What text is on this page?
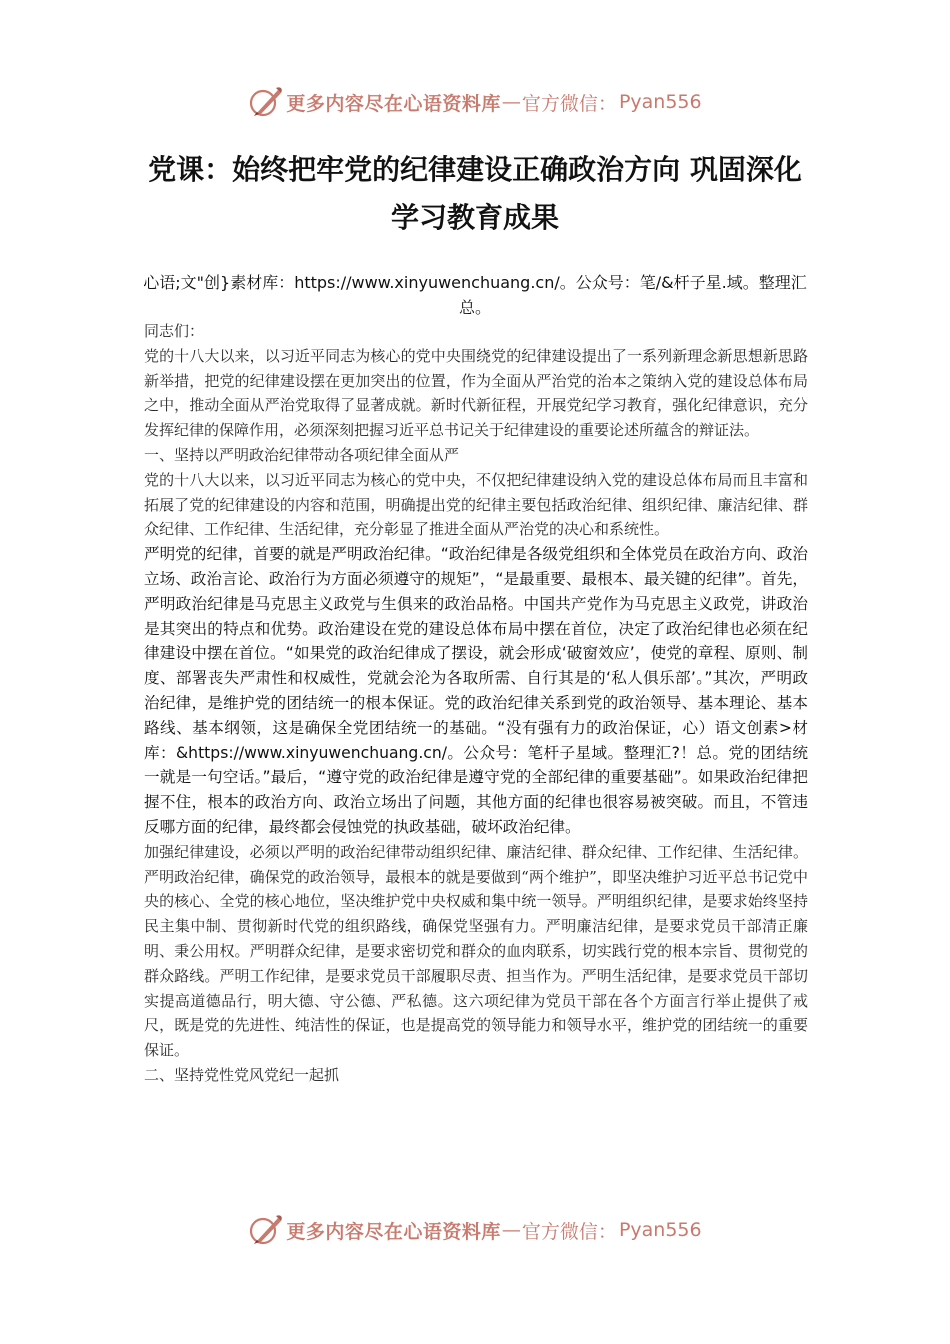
更多内容尽在心语资料库 — 官方微信： Pyan556
党课：始终把牢党的纪律建设正确政治方向 巩固深化学习教育成果
心语;文"创}素材库：https://www.xinyuwenchuang.cn/。公众号：笔/&杆子星.域。整理汇总。

同志们：

党的十八大以来，以习近平同志为核心的党中央围绕党的纪律建设提出了一系列新理念新思想新思路新举措，把党的纪律建设摆在更加突出的位置，作为全面从严治党的治本之策纳入党的建设总体布局之中，推动全面从严治党取得了显著成就。新时代新征程，开展党纪学习教育，强化纪律意识，充分发挥纪律的保障作用，必须深刻把握习近平总书记关于纪律建设的重要论述所蕴含的辩证法。

一、坚持以严明政治纪律带动各项纪律全面从严

党的十八大以来，以习近平同志为核心的党中央，不仅把纪律建设纳入党的建设总体布局而且丰富和拓展了党的纪律建设的内容和范围，明确提出党的纪律主要包括政治纪律、组织纪律、廉洁纪律、群众纪律、工作纪律、生活纪律，充分彰显了推进全面从严治党的决心和系统性。

严明党的纪律，首要的就是严明政治纪律。“政治纪律是各级党组织和全体党员在政治方向、政治立场、政治言论、政治行为方面必须遵守的规矩”，“是最重要、最根本、最关键的纪律”。首先，严明政治纪律是马克思主义政党与生俱来的政治品格。中国共产党作为马克思主义政党，讲政治是其突出的特点和优势。政治建设在党的建设总体布局中摆在首位，决定了政治纪律也必须在纪律建设中摆在首位。“如果党的政治纪律成了摆设，就会形成‘破窗效应’，使党的章程、原则、制度、部署丧失严肃性和权威性，党就会沦为各取所需、自行其是的‘私人俱乐部’。”其次，严明政治纪律，是维护党的团结统一的根本保证。党的政治纪律关系到党的政治领导、基本理论、基本路线、基本纲领，这是确保全党团结统一的基础。“没有强有力的政治保证，心）语文创素>材库：&https://www.xinyuwenchuang.cn/。公众号：笔杆子星域。整理汇?！总。党的团结统一就是一句空话。”最后，“遵守党的政治纪律是遵守党的全部纪律的重要基础”。如果政治纪律把握不住，根本的政治方向、政治立场出了问题，其他方面的纪律也很容易被突破。而且，不管违反哪方面的纪律，最终都会侵蚀党的执政基础，破坏政治纪律。

加强纪律建设，必须以严明的政治纪律带动组织纪律、廉洁纪律、群众纪律、工作纪律、生活纪律。严明政治纪律，确保党的政治领导，最根本的就是要做到“两个维护”，即坚决维护习近平总书记党中央的核心、全党的核心地位，坚决维护党中央权威和集中统一领导。严明组织纪律，是要求始终坚持民主集中制、贯彻新时代党的组织路线，确保党坚强有力。严明廉洁纪律，是要求党员干部清正廉明、秉公用权。严明群众纪律，是要求密切党和群众的血肉联系，切实践行党的根本宗旨、贯彻党的群众路线。严明工作纪律，是要求党员干部履职尽责、担当作为。严明生活纪律，是要求党员干部切实提高道德品行，明大德、守公德、严私德。这六项纪律为党员干部在各个方面言行举止提供了戒尺，既是党的先进性、纯洁性的保证，也是提高党的领导能力和领导水平，维护党的团结统一的重要保证。

二、坚持党性党风党纪一起抓

更多内容尽在心语资料库 — 官方微信： Pyan556
